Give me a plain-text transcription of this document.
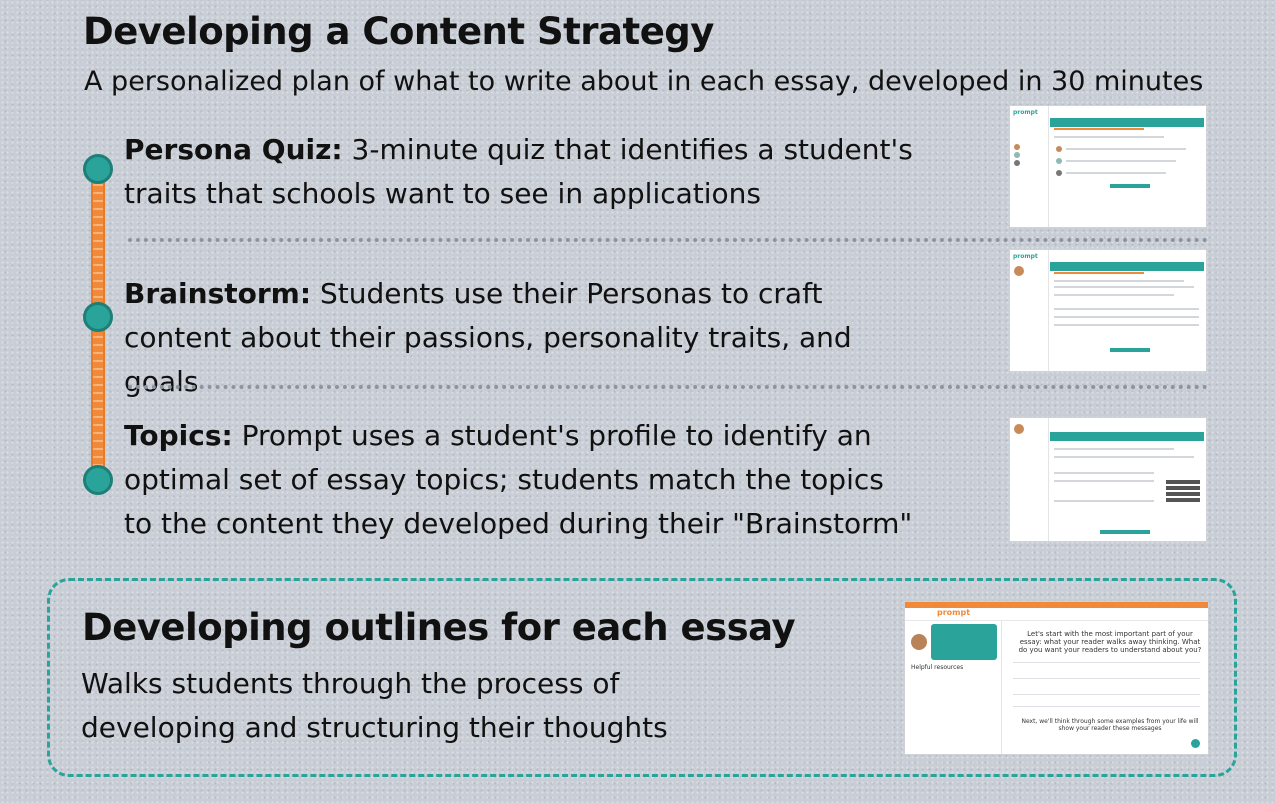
Developing a Content Strategy
A personalized plan of what to write about in each essay, developed in 30 minutes
Persona Quiz: 3-minute quiz that identifies a student's traits that schools want to see in applications
Brainstorm: Students use their Personas to craft content about their passions, personality traits, and goals
Topics: Prompt uses a student's profile to identify an optimal set of essay topics; students match the topics to the content they developed during their "Brainstorm"
prompt
prompt
Developing outlines for each essay
Walks students through the process of developing and structuring their thoughts
prompt
Helpful resources
Let's start with the most important part of your essay: what your reader walks away thinking. What do you want your readers to understand about you?
Next, we'll think through some examples from your life will show your reader these messages
